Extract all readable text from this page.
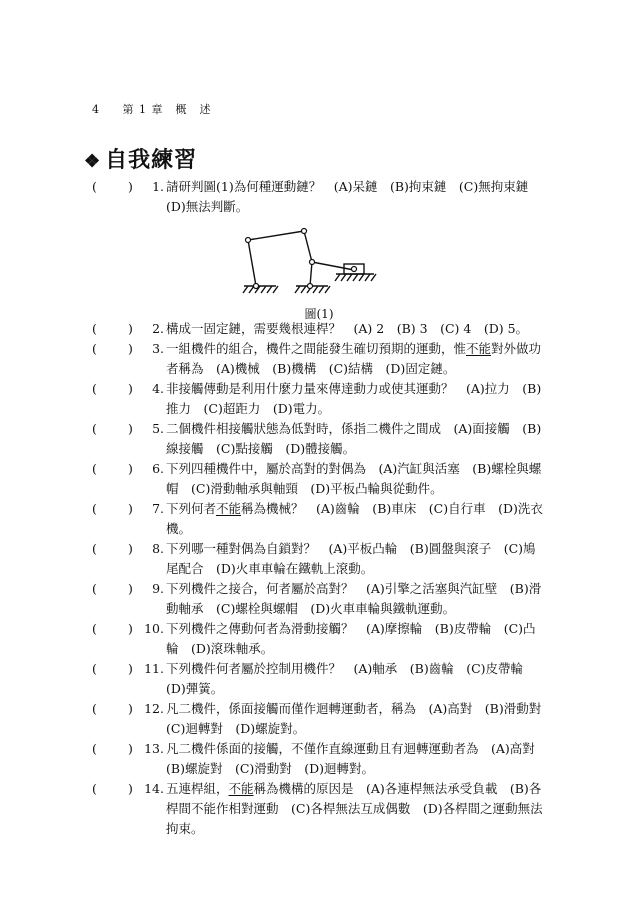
4 第 1 章　概　述
❖ 自我練習
( )	1. 請研判圖(1)為何種運動鏈？　(A)呆鏈　(B)拘束鏈　(C)無拘束鏈　(D)無法判斷。
圖(1)
( )	2. 構成一固定鏈，需要幾根連桿？　(A) 2　(B) 3　(C) 4　(D) 5。
( )	3. 一組機件的組合，機件之間能發生確切預期的運動，惟不能對外做功者稱為　(A)機械　(B)機構　(C)結構　(D)固定鏈。
( )	4. 非接觸傳動是利用什麼力量來傳達動力或使其運動？　(A)拉力　(B)推力　(C)超距力　(D)電力。
( )	5. 二個機件相接觸狀態為低對時，係指二機件之間成　(A)面接觸　(B)線接觸　(C)點接觸　(D)體接觸。
( )	6. 下列四種機件中，屬於高對的對偶為　(A)汽缸與活塞　(B)螺栓與螺帽　(C)滑動軸承與軸頸　(D)平板凸輪與從動件。
( )	7. 下列何者不能稱為機械？　(A)齒輪　(B)車床　(C)自行車　(D)洗衣機。
( )	8. 下列哪一種對偶為自鎖對？　(A)平板凸輪　(B)圓盤與滾子　(C)鳩尾配合　(D)火車車輪在鐵軌上滾動。
( )	9. 下列機件之接合，何者屬於高對？　(A)引擎之活塞與汽缸壁　(B)滑動軸承　(C)螺栓與螺帽　(D)火車車輪與鐵軌運動。
( ) 10. 下列機件之傳動何者為滑動接觸？　(A)摩擦輪　(B)皮帶輪　(C)凸輪　(D)滾珠軸承。
( ) 11. 下列機件何者屬於控制用機件？　(A)軸承　(B)齒輪　(C)皮帶輪　(D)彈簧。
( ) 12. 凡二機件，係面接觸而僅作迴轉運動者，稱為　(A)高對　(B)滑動對　(C)迴轉對　(D)螺旋對。
( ) 13. 凡二機件係面的接觸，不僅作直線運動且有迴轉運動者為　(A)高對　(B)螺旋對　(C)滑動對　(D)迴轉對。
( ) 14. 五連桿組，不能稱為機構的原因是　(A)各連桿無法承受負載　(B)各桿間不能作相對運動　(C)各桿無法互成偶數　(D)各桿間之運動無法拘束。
